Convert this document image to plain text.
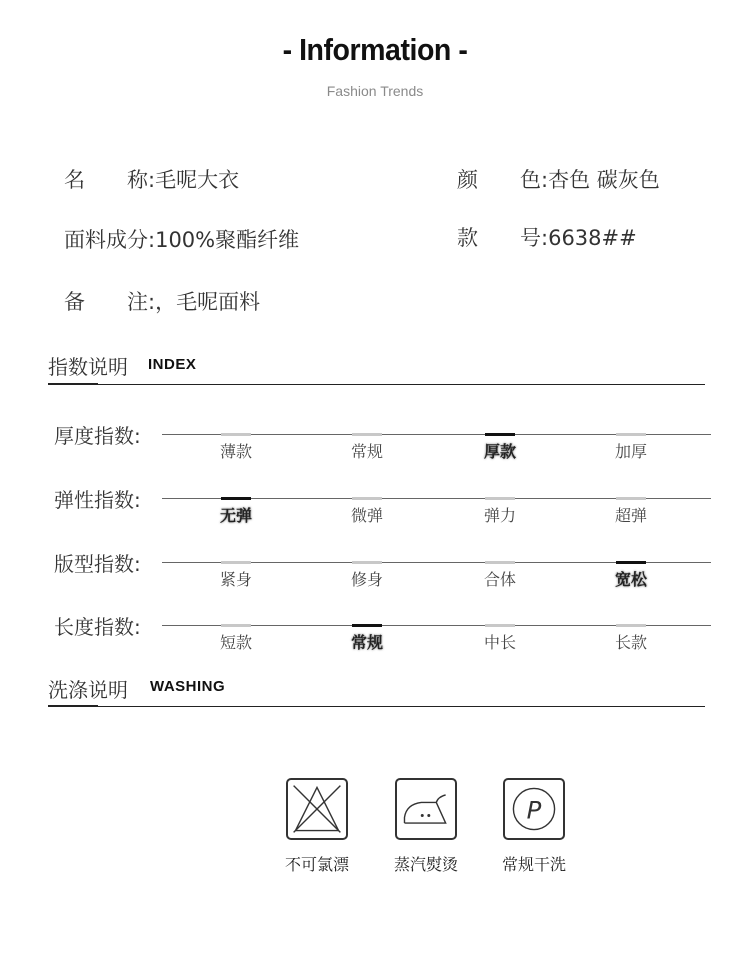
- Information -
Fashion Trends
名　　称:毛呢大衣	颜　　色:杏色 碳灰色
面料成分:100%聚酯纤维	款　　号:6638##
备　　注:，毛呢面料
指数说明 INDEX
厚度指数:
薄款	常规	厚款	加厚
弹性指数:
无弹	微弹	弹力	超弹
版型指数:
紧身	修身	合体	宽松
长度指数:
短款	常规	中长	长款
洗涤说明 WASHING
不可氯漂	蒸汽熨烫
P
常规干洗
